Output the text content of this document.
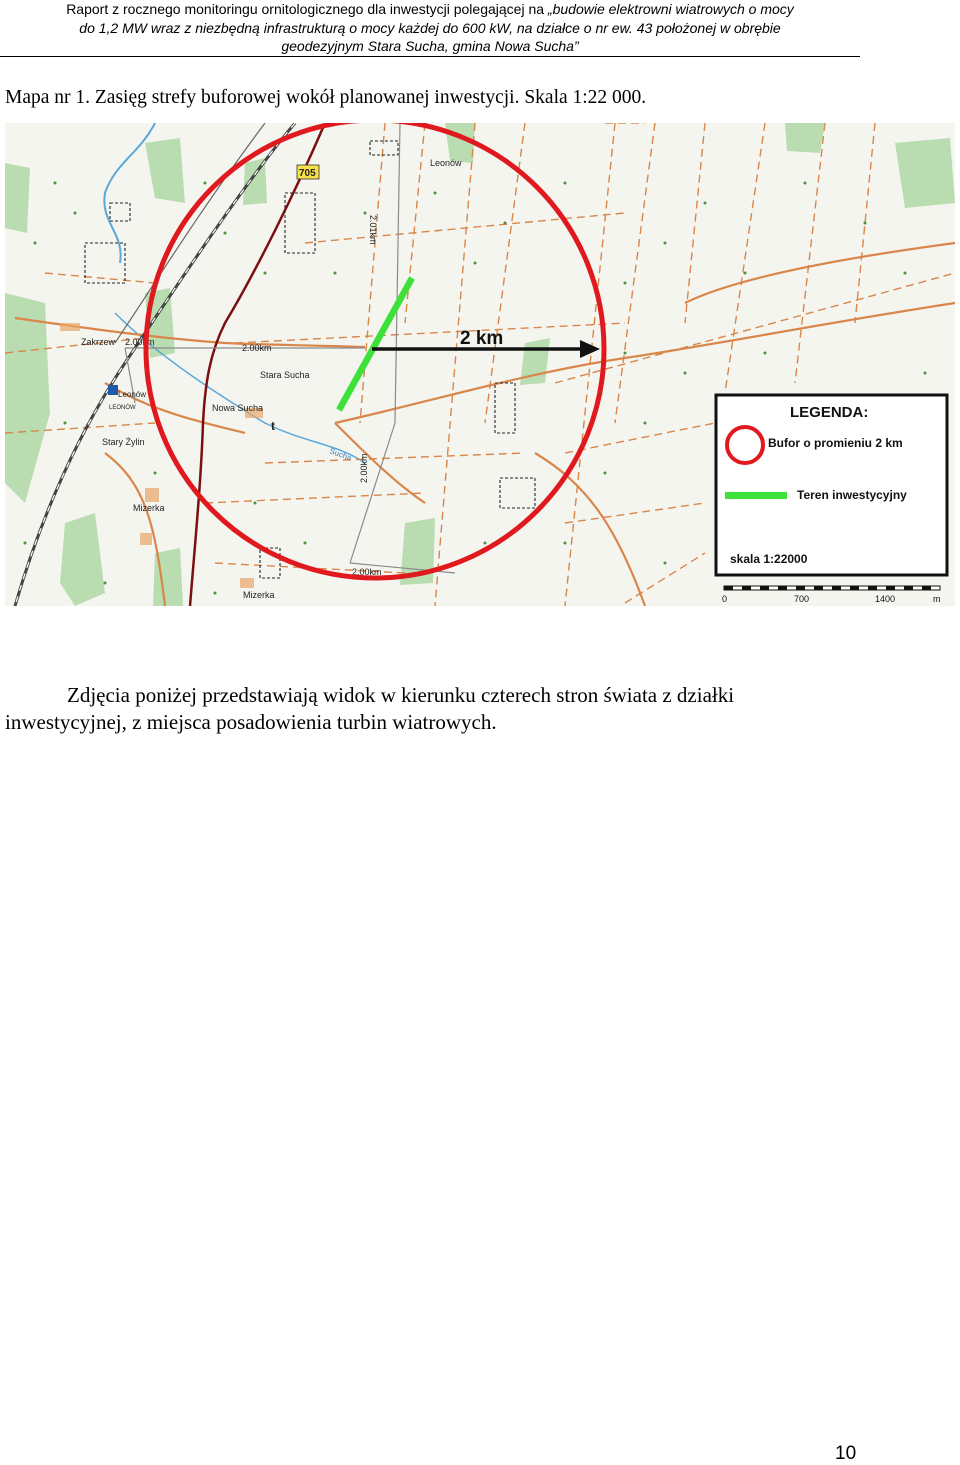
Raport z rocznego monitoringu ornitologicznego dla inwestycji polegającej na „budowie elektrowni wiatrowych o mocy
do 1,2 MW wraz z niezbędną infrastrukturą o mocy każdej do 600 kW, na działce o nr ew. 43 położonej w obrębie
geodezyjnym Stara Sucha, gmina Nowa Sucha”
Mapa nr 1. Zasięg strefy buforowej wokół planowanej inwestycji. Skala 1:22 000.
705
Leonów
Zakrzew
Stara Sucha
Nowa Sucha
Stary Żylin
Mizerka
Mizerka
Leonów
LEONÓW
Sucha
t
2.01km
2.00km
2.00km
2.00km
2.00km
2 km
LEGENDA:
Bufor o promieniu 2 km
Teren inwestycyjny
skala 1:22000
0	700	1400	m
Zdjęcia poniżej przedstawiają widok w kierunku czterech stron świata z działki
inwestycyjnej, z miejsca posadowienia turbin wiatrowych.
10
